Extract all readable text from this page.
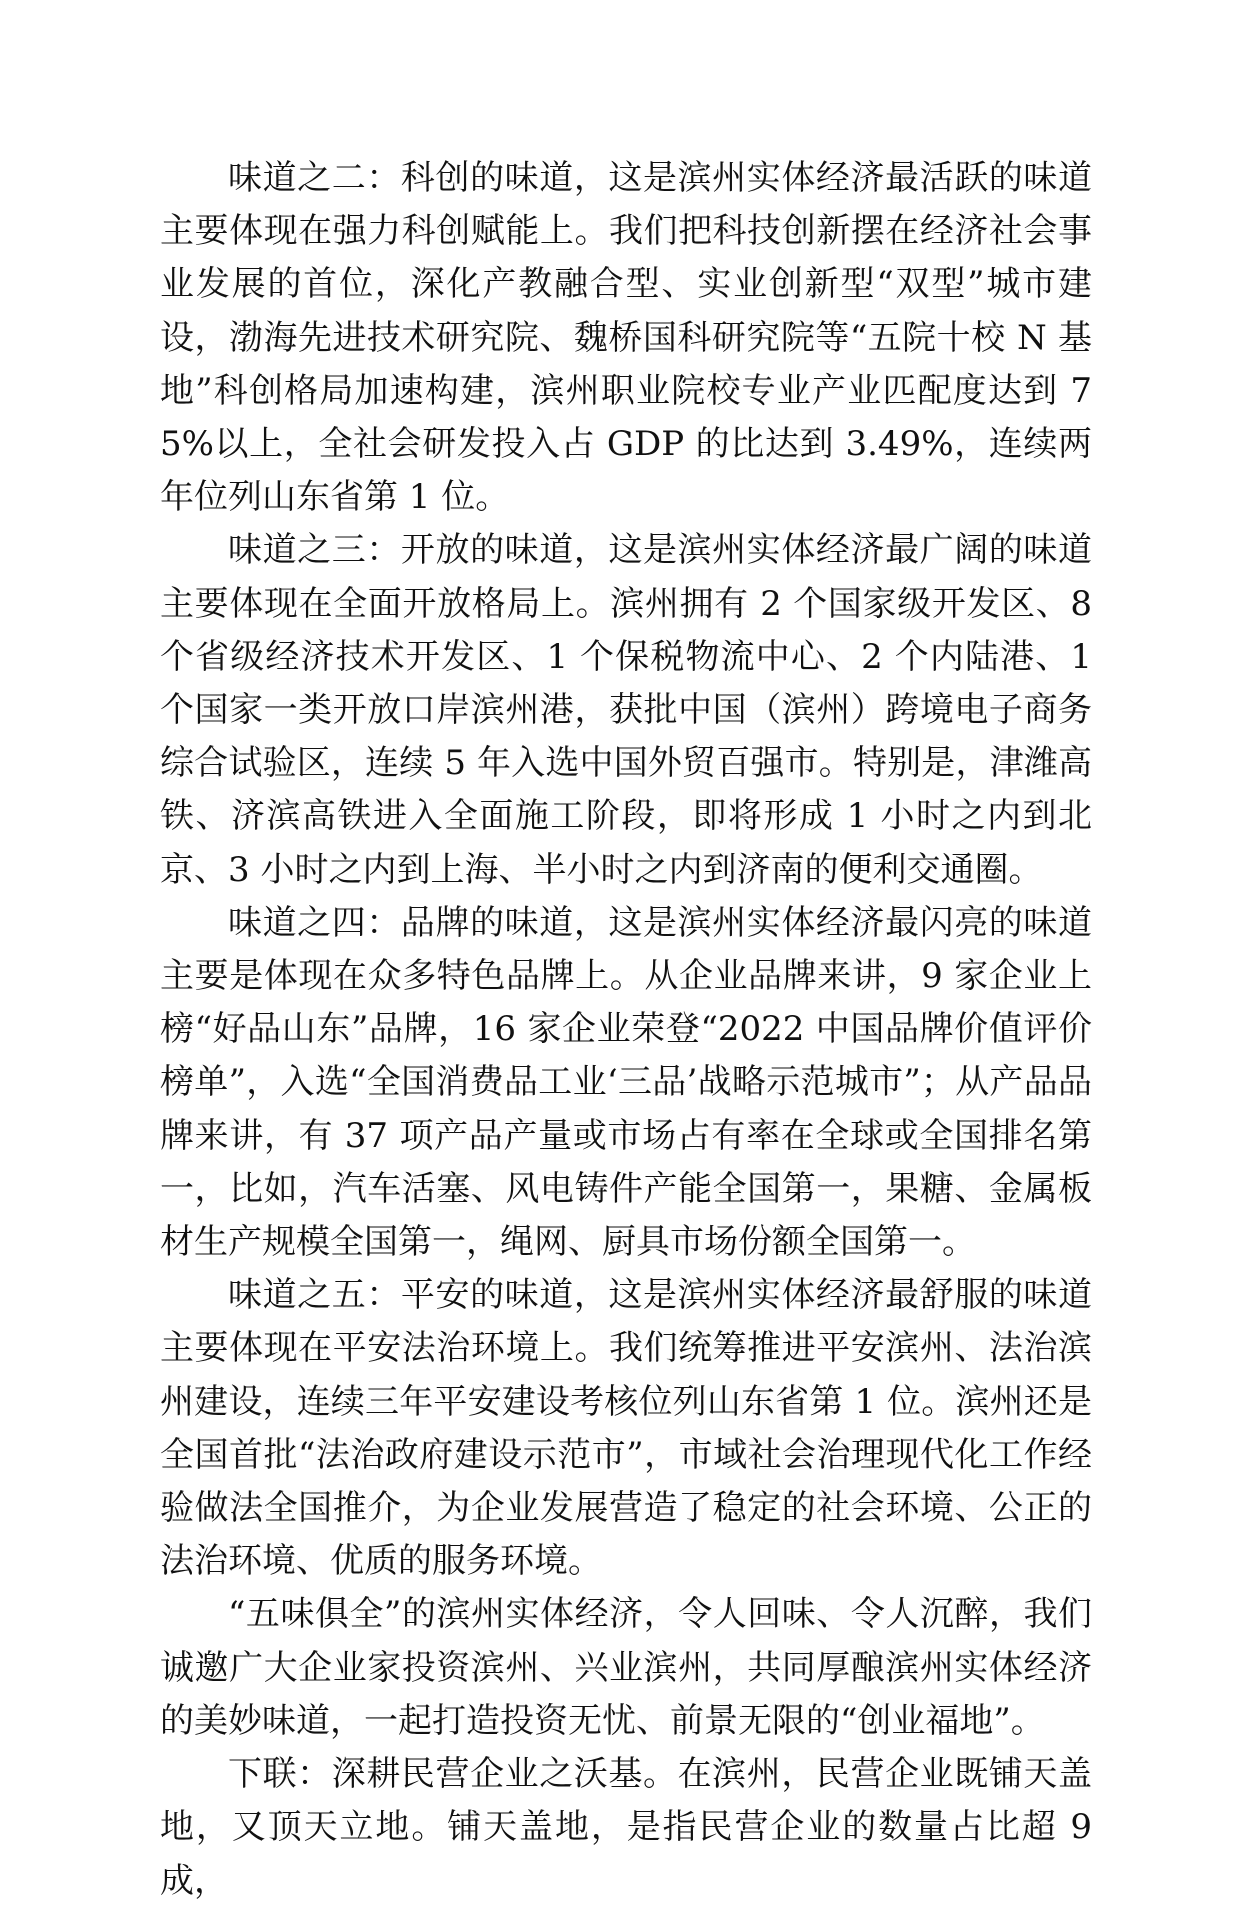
味道之二：科创的味道，这是滨州实体经济最活跃的味道主要体现在强力科创赋能上。我们把科技创新摆在经济社会事业发展的首位，深化产教融合型、实业创新型“双型”城市建设，渤海先进技术研究院、魏桥国科研究院等“五院十校 N 基地”科创格局加速构建，滨州职业院校专业产业匹配度达到 75%以上，全社会研发投入占 GDP 的比达到 3.49%，连续两年位列山东省第 1 位。

味道之三：开放的味道，这是滨州实体经济最广阔的味道主要体现在全面开放格局上。滨州拥有 2 个国家级开发区、8 个省级经济技术开发区、1 个保税物流中心、2 个内陆港、1 个国家一类开放口岸滨州港，获批中国（滨州）跨境电子商务综合试验区，连续 5 年入选中国外贸百强市。特别是，津潍高铁、济滨高铁进入全面施工阶段，即将形成 1 小时之内到北京、3 小时之内到上海、半小时之内到济南的便利交通圈。

味道之四：品牌的味道，这是滨州实体经济最闪亮的味道主要是体现在众多特色品牌上。从企业品牌来讲，9 家企业上榜“好品山东”品牌，16 家企业荣登“2022 中国品牌价值评价榜单”，入选“全国消费品工业‘三品’战略示范城市”；从产品品牌来讲，有 37 项产品产量或市场占有率在全球或全国排名第一，比如，汽车活塞、风电铸件产能全国第一，果糖、金属板材生产规模全国第一，绳网、厨具市场份额全国第一。

味道之五：平安的味道，这是滨州实体经济最舒服的味道主要体现在平安法治环境上。我们统筹推进平安滨州、法治滨州建设，连续三年平安建设考核位列山东省第 1 位。滨州还是全国首批“法治政府建设示范市”，市域社会治理现代化工作经验做法全国推介，为企业发展营造了稳定的社会环境、公正的法治环境、优质的服务环境。

“五味俱全”的滨州实体经济，令人回味、令人沉醉，我们诚邀广大企业家投资滨州、兴业滨州，共同厚酿滨州实体经济的美妙味道，一起打造投资无忧、前景无限的“创业福地”。

下联：深耕民营企业之沃基。在滨州，民营企业既铺天盖地，又顶天立地。铺天盖地，是指民营企业的数量占比超 9 成，
